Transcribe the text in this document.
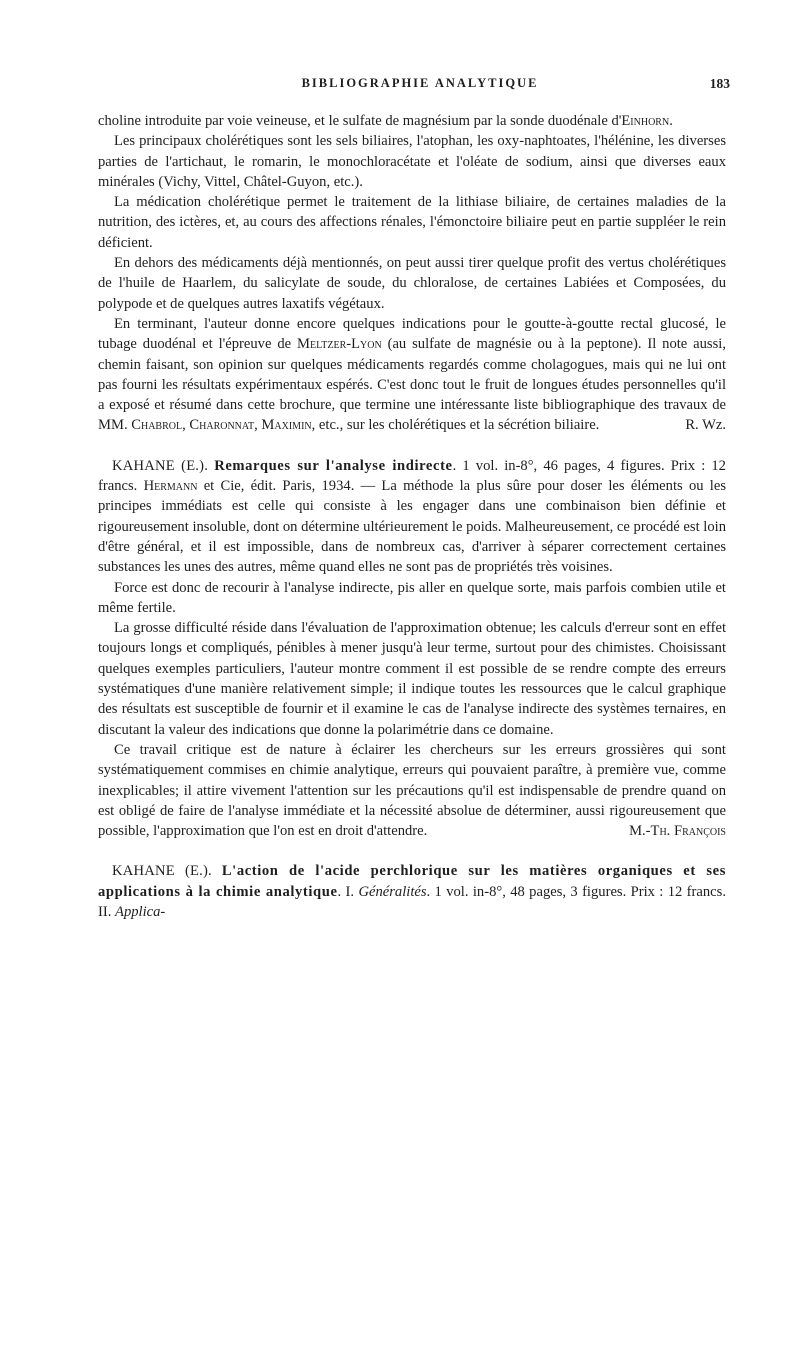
BIBLIOGRAPHIE ANALYTIQUE	183

choline introduite par voie veineuse, et le sulfate de magnésium par la sonde duodénale d'Einhorn.

Les principaux cholérétiques sont les sels biliaires, l'atophan, les oxy-naphtoates, l'hélénine, les diverses parties de l'artichaut, le romarin, le monochloracétate et l'oléate de sodium, ainsi que diverses eaux minérales (Vichy, Vittel, Châtel-Guyon, etc.).

La médication cholérétique permet le traitement de la lithiase biliaire, de certaines maladies de la nutrition, des ictères, et, au cours des affections rénales, l'émonctoire biliaire peut en partie suppléer le rein déficient.

En dehors des médicaments déjà mentionnés, on peut aussi tirer quelque profit des vertus cholérétiques de l'huile de Haarlem, du salicylate de soude, du chloralose, de certaines Labiées et Composées, du polypode et de quelques autres laxatifs végétaux.

En terminant, l'auteur donne encore quelques indications pour le goutte-à-goutte rectal glucosé, le tubage duodénal et l'épreuve de Meltzer-Lyon (au sulfate de magnésie ou à la peptone). Il note aussi, chemin faisant, son opinion sur quelques médicaments regardés comme cholagogues, mais qui ne lui ont pas fourni les résultats expérimentaux espérés. C'est donc tout le fruit de longues études personnelles qu'il a exposé et résumé dans cette brochure, que termine une intéressante liste bibliographique des travaux de MM. Chabrol, Charonnat, Maximin, etc., sur les cholérétiques et la sécrétion biliaire.	R. Wz.

KAHANE (E.). Remarques sur l'analyse indirecte. 1 vol. in-8°, 46 pages, 4 figures. Prix : 12 francs. Hermann et Cie, édit. Paris, 1934. — La méthode la plus sûre pour doser les éléments ou les principes immédiats est celle qui consiste à les engager dans une combinaison bien définie et rigoureusement insoluble, dont on détermine ultérieurement le poids. Malheureusement, ce procédé est loin d'être général, et il est impossible, dans de nombreux cas, d'arriver à séparer correctement certaines substances les unes des autres, même quand elles ne sont pas de propriétés très voisines.

Force est donc de recourir à l'analyse indirecte, pis aller en quelque sorte, mais parfois combien utile et même fertile.

La grosse difficulté réside dans l'évaluation de l'approximation obtenue; les calculs d'erreur sont en effet toujours longs et compliqués, pénibles à mener jusqu'à leur terme, surtout pour des chimistes. Choisissant quelques exemples particuliers, l'auteur montre comment il est possible de se rendre compte des erreurs systématiques d'une manière relativement simple; il indique toutes les ressources que le calcul graphique des résultats est susceptible de fournir et il examine le cas de l'analyse indirecte des systèmes ternaires, en discutant la valeur des indications que donne la polarimétrie dans ce domaine.

Ce travail critique est de nature à éclairer les chercheurs sur les erreurs grossières qui sont systématiquement commises en chimie analytique, erreurs qui pouvaient paraître, à première vue, comme inexplicables; il attire vivement l'attention sur les précautions qu'il est indispensable de prendre quand on est obligé de faire de l'analyse immédiate et la nécessité absolue de déterminer, aussi rigoureusement que possible, l'approximation que l'on est en droit d'attendre.	M.-Th. François

KAHANE (E.). L'action de l'acide perchlorique sur les matières organiques et ses applications à la chimie analytique. I. Généralités. 1 vol. in-8°, 48 pages, 3 figures. Prix : 12 francs. II. Applica-
